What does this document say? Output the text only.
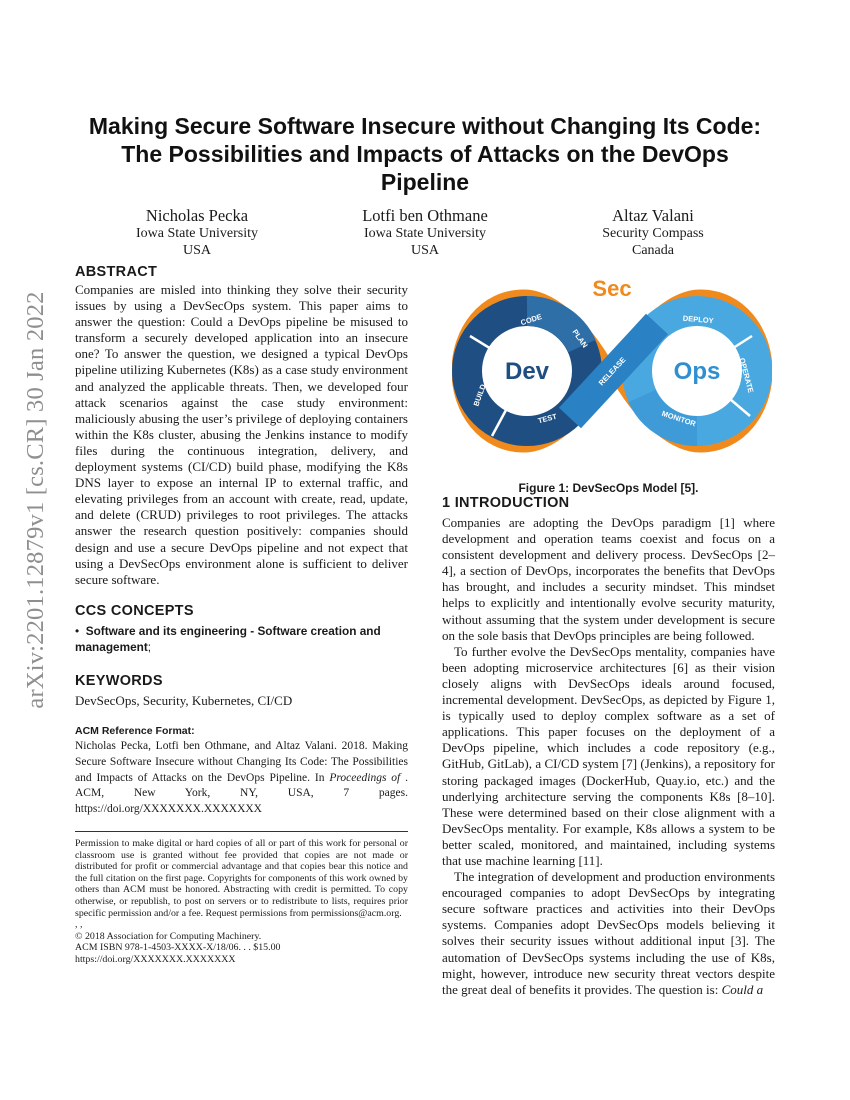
arXiv:2201.12879v1 [cs.CR] 30 Jan 2022
Making Secure Software Insecure without Changing Its Code:
The Possibilities and Impacts of Attacks on the DevOps
Pipeline
Nicholas Pecka
Iowa State University
USA
Lotfi ben Othmane
Iowa State University
USA
Altaz Valani
Security Compass
Canada
ABSTRACT

Companies are misled into thinking they solve their security issues by using a DevSecOps system. This paper aims to answer the question: Could a DevOps pipeline be misused to transform a securely developed application into an insecure one? To answer the question, we designed a typical DevOps pipeline utilizing Kubernetes (K8s) as a case study environment and analyzed the applicable threats. Then, we developed four attack scenarios against the case study environment: maliciously abusing the user’s privilege of deploying containers within the K8s cluster, abusing the Jenkins instance to modify files during the continuous integration, delivery, and deployment systems (CI/CD) build phase, modifying the K8s DNS layer to expose an internal IP to external traffic, and elevating privileges from an account with create, read, update, and delete (CRUD) privileges to root privileges. The attacks answer the research question positively: companies should design and use a secure DevOps pipeline and not expect that using a DevSecOps environment alone is sufficient to deliver secure software.

CCS CONCEPTS
• Software and its engineering - Software creation and management;
KEYWORDS

DevSecOps, Security, Kubernetes, CI/CD

ACM Reference Format:
Nicholas Pecka, Lotfi ben Othmane, and Altaz Valani. 2018. Making Secure Software Insecure without Changing Its Code: The Possibilities and Impacts of Attacks on the DevOps Pipeline. In Proceedings of . ACM, New York, NY, USA, 7 pages. https://doi.org/XXXXXXX.XXXXXXX

Permission to make digital or hard copies of all or part of this work for personal or classroom use is granted without fee provided that copies are not made or distributed for profit or commercial advantage and that copies bear this notice and the full citation on the first page. Copyrights for components of this work owned by others than ACM must be honored. Abstracting with credit is permitted. To copy otherwise, or republish, to post on servers or to redistribute to lists, requires prior specific permission and/or a fee. Request permissions from permissions@acm.org.

, ,
© 2018 Association for Computing Machinery.
ACM ISBN 978-1-4503-XXXX-X/18/06. . . $15.00
https://doi.org/XXXXXXX.XXXXXXX
Sec
Dev	Ops
CODE
PLAN
BUILD
TEST
RELEASE
DEPLOY
OPERATE
MONITOR
Figure 1: DevSecOps Model [5].
1 INTRODUCTION

Companies are adopting the DevOps paradigm [1] where development and operation teams coexist and focus on a consistent development and delivery process. DevSecOps [2–4], a section of DevOps, incorporates the benefits that DevOps has brought, and includes a security mindset. This mindset helps to explicitly and intentionally evolve security maturity, without assuming that the system under development is secure on the sole basis that DevOps principles are being followed.

To further evolve the DevSecOps mentality, companies have been adopting microservice architectures [6] as their vision closely aligns with DevSecOps ideals around focused, incremental development. DevSecOps, as depicted by Figure 1, is typically used to deploy complex software as a set of applications. This paper focuses on the deployment of a DevOps pipeline, which includes a code repository (e.g., GitHub, GitLab), a CI/CD system [7] (Jenkins), a repository for storing packaged images (DockerHub, Quay.io, etc.) and the underlying architecture serving the components K8s [8–10]. These were determined based on their close alignment with a DevSecOps mentality. For example, K8s allows a system to be better scaled, monitored, and maintained, including systems that use machine learning [11].

The integration of development and production environments encouraged companies to adopt DevSecOps by integrating secure software practices and activities into their DevOps systems. Companies adopt DevSecOps models believing it solves their security issues without additional input [3]. The automation of DevSecOps systems including the use of K8s, might, however, introduce new security threat vectors despite the great deal of benefits it provides. The question is: Could a
